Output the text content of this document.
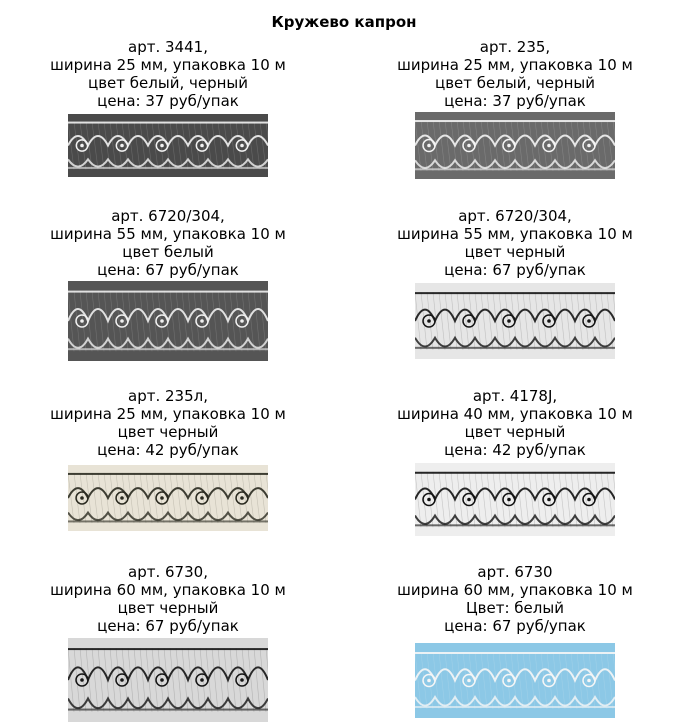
Кружево капрон
арт. 3441,
ширина 25 мм, упаковка 10 м
цвет белый, черный
цена: 37 руб/упак
арт. 235,
ширина 25 мм, упаковка 10 м
цвет белый, черный
цена: 37 руб/упак
арт. 6720/304,
ширина 55 мм, упаковка 10 м
цвет белый
цена: 67 руб/упак
арт. 6720/304,
ширина 55 мм, упаковка 10 м
цвет черный
цена: 67 руб/упак
арт. 235л,
ширина 25 мм, упаковка 10 м
цвет черный
цена: 42 руб/упак
арт. 4178J,
ширина 40 мм, упаковка 10 м
цвет черный
цена: 42 руб/упак
арт. 6730,
ширина 60 мм, упаковка 10 м
цвет черный
цена: 67 руб/упак
арт. 6730
ширина 60 мм, упаковка 10 м
Цвет: белый
цена: 67 руб/упак
